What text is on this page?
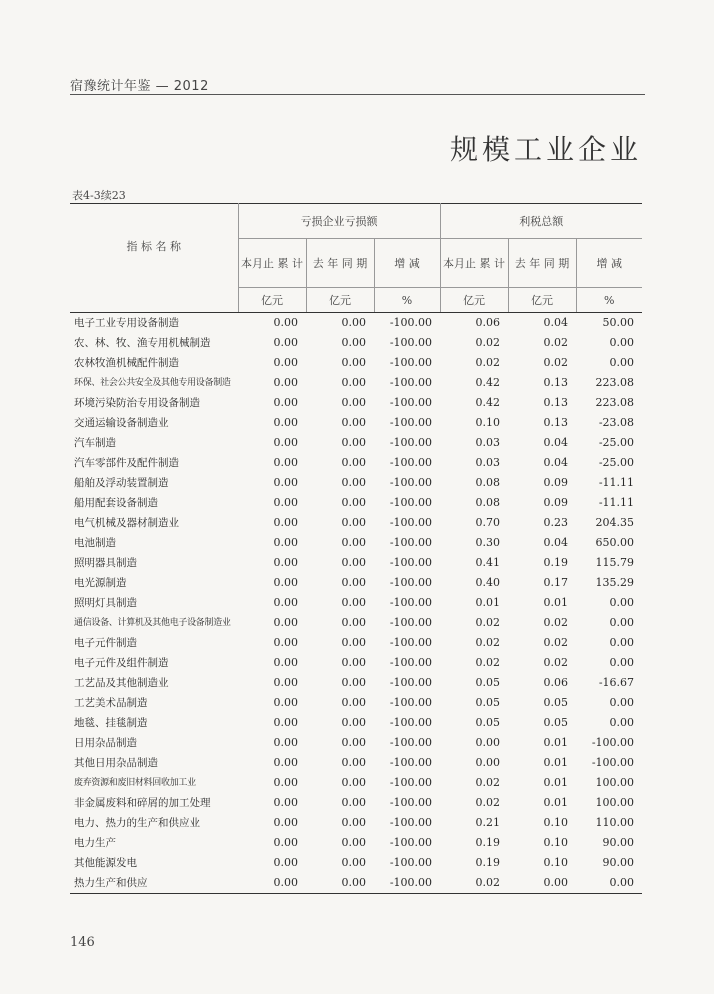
宿豫统计年鉴 — 2012
规模工业企业
表4-3续23
指 标 名 称	亏损企业亏损额			利税总额		
	本月止 累 计	去 年 同 期	增 减	本月止 累 计	去 年 同 期	增 减
	亿元	亿元	%	亿元	亿元	%
电子工业专用设备制造	0.00	0.00	-100.00	0.06	0.04	50.00
农、林、牧、渔专用机械制造	0.00	0.00	-100.00	0.02	0.02	0.00
农林牧渔机械配件制造	0.00	0.00	-100.00	0.02	0.02	0.00
环保、社会公共安全及其他专用设备制造	0.00	0.00	-100.00	0.42	0.13	223.08
环境污染防治专用设备制造	0.00	0.00	-100.00	0.42	0.13	223.08
交通运输设备制造业	0.00	0.00	-100.00	0.10	0.13	-23.08
汽车制造	0.00	0.00	-100.00	0.03	0.04	-25.00
汽车零部件及配件制造	0.00	0.00	-100.00	0.03	0.04	-25.00
船舶及浮动装置制造	0.00	0.00	-100.00	0.08	0.09	-11.11
船用配套设备制造	0.00	0.00	-100.00	0.08	0.09	-11.11
电气机械及器材制造业	0.00	0.00	-100.00	0.70	0.23	204.35
电池制造	0.00	0.00	-100.00	0.30	0.04	650.00
照明器具制造	0.00	0.00	-100.00	0.41	0.19	115.79
电光源制造	0.00	0.00	-100.00	0.40	0.17	135.29
照明灯具制造	0.00	0.00	-100.00	0.01	0.01	0.00
通信设备、计算机及其他电子设备制造业	0.00	0.00	-100.00	0.02	0.02	0.00
电子元件制造	0.00	0.00	-100.00	0.02	0.02	0.00
电子元件及组件制造	0.00	0.00	-100.00	0.02	0.02	0.00
工艺品及其他制造业	0.00	0.00	-100.00	0.05	0.06	-16.67
工艺美术品制造	0.00	0.00	-100.00	0.05	0.05	0.00
地毯、挂毯制造	0.00	0.00	-100.00	0.05	0.05	0.00
日用杂品制造	0.00	0.00	-100.00	0.00	0.01	-100.00
其他日用杂品制造	0.00	0.00	-100.00	0.00	0.01	-100.00
废弃资源和废旧材料回收加工业	0.00	0.00	-100.00	0.02	0.01	100.00
非金属废料和碎屑的加工处理	0.00	0.00	-100.00	0.02	0.01	100.00
电力、热力的生产和供应业	0.00	0.00	-100.00	0.21	0.10	110.00
电力生产	0.00	0.00	-100.00	0.19	0.10	90.00
其他能源发电	0.00	0.00	-100.00	0.19	0.10	90.00
热力生产和供应	0.00	0.00	-100.00	0.02	0.00	0.00
146
